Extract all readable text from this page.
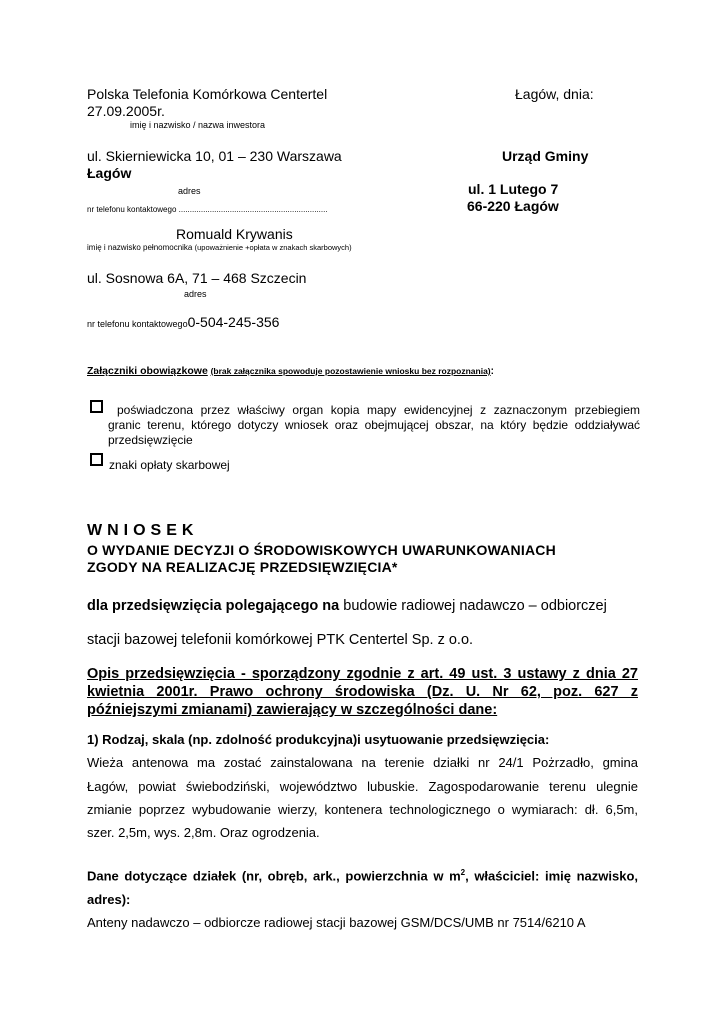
Polska Telefonia Komórkowa Centertel	Łagów, dnia:
27.09.2005r.
imię i nazwisko / nazwa inwestora
ul. Skierniewicka 10, 01 – 230 Warszawa	Urząd Gminy
Łagów
adres	ul. 1 Lutego 7
nr telefonu kontaktowego ...................................................................	66-220 Łagów
Romuald Krywanis
imię i nazwisko pełnomocnika (upoważnienie +opłata w znakach skarbowych)
ul. Sosnowa 6A, 71 – 468 Szczecin
adres
nr telefonu kontaktowego0-504-245-356
Załączniki obowiązkowe (brak załącznika spowoduje pozostawienie wniosku bez rozpoznania):
poświadczona przez właściwy organ kopia mapy ewidencyjnej z zaznaczonym przebiegiem
granic terenu, którego dotyczy wniosek oraz obejmującej obszar, na który będzie oddziaływać
przedsięwzięcie
znaki opłaty skarbowej
WNIOSEK
O WYDANIE DECYZJI O ŚRODOWISKOWYCH UWARUNKOWANIACH
ZGODY NA REALIZACJĘ PRZEDSIĘWZIĘCIA*
dla przedsięwzięcia polegającego na budowie radiowej nadawczo – odbiorczej
stacji bazowej telefonii komórkowej PTK Centertel Sp. z o.o.
Opis przedsięwzięcia - sporządzony zgodnie z art. 49 ust. 3 ustawy z dnia 27
kwietnia 2001r. Prawo ochrony środowiska (Dz. U. Nr 62, poz. 627 z
późniejszymi zmianami) zawierający w szczególności dane:
1) Rodzaj, skala (np. zdolność produkcyjna)i usytuowanie przedsięwzięcia:
Wieża antenowa ma zostać zainstalowana na terenie działki nr 24/1 Pożrzadło, gmina
Łagów, powiat świebodziński, województwo lubuskie. Zagospodarowanie terenu ulegnie
zmianie poprzez wybudowanie wierzy, kontenera technologicznego o wymiarach: dł. 6,5m,
szer. 2,5m, wys. 2,8m. Oraz ogrodzenia.
Dane dotyczące działek (nr, obręb, ark., powierzchnia w $m^2$, właściciel: imię nazwisko,
adres):
Anteny nadawczo – odbiorcze radiowej stacji bazowej GSM/DCS/UMB nr 7514/6210 A
